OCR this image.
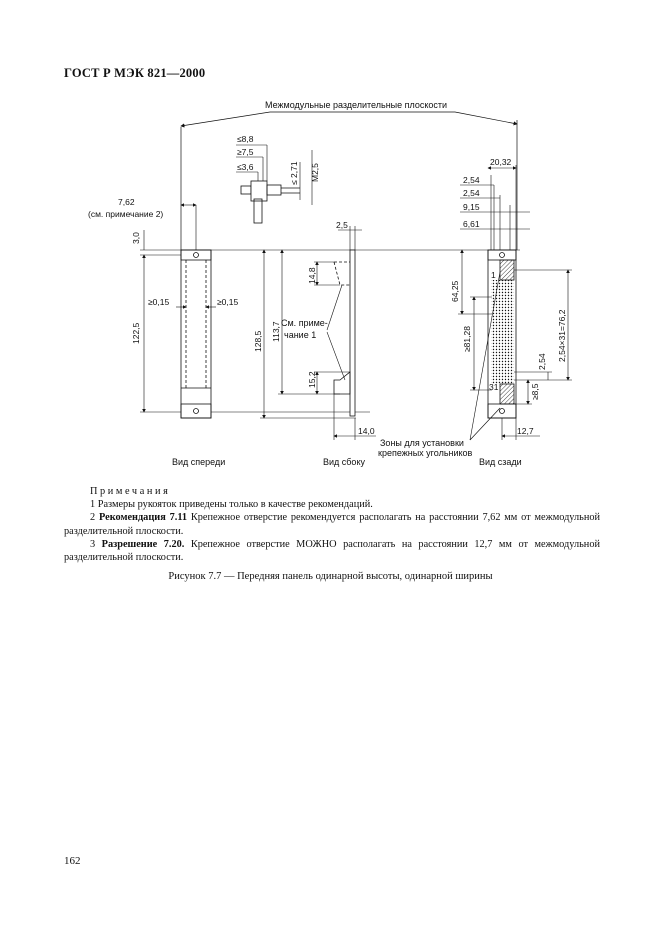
ГОСТ Р МЭК 821—2000
Межмодульные разделительные плоскости
≤8,8
≥7,5
≤3,6	≤ 2,71 M2,5
7,62
(см. примечание 2)
3,0
122,5
≥0,15	≥0,15
Вид спереди
128,5 113,7
2,5
14,8
15,2
14,0
См. приме-
чание 1
Вид сбоку
20,32
2,54
2,54
9,15
6,61
64,25
≥81,28	2,54×31=76,2
2,54
≥8,5
12,7
1
31
Зоны для установки
крепежных угольников
Вид сзади
Примечания

1 Размеры рукояток приведены только в качестве рекомендаций.

2 Рекомендация 7.11 Крепежное отверстие рекомендуется располагать на расстоянии 7,62 мм от межмодульной разделительной плоскости.

3 Разрешение 7.20. Крепежное отверстие МОЖНО располагать на расстоянии 12,7 мм от межмодульной разделительной плоскости.

Рисунок 7.7 — Передняя панель одинарной высоты, одинарной ширины
162
